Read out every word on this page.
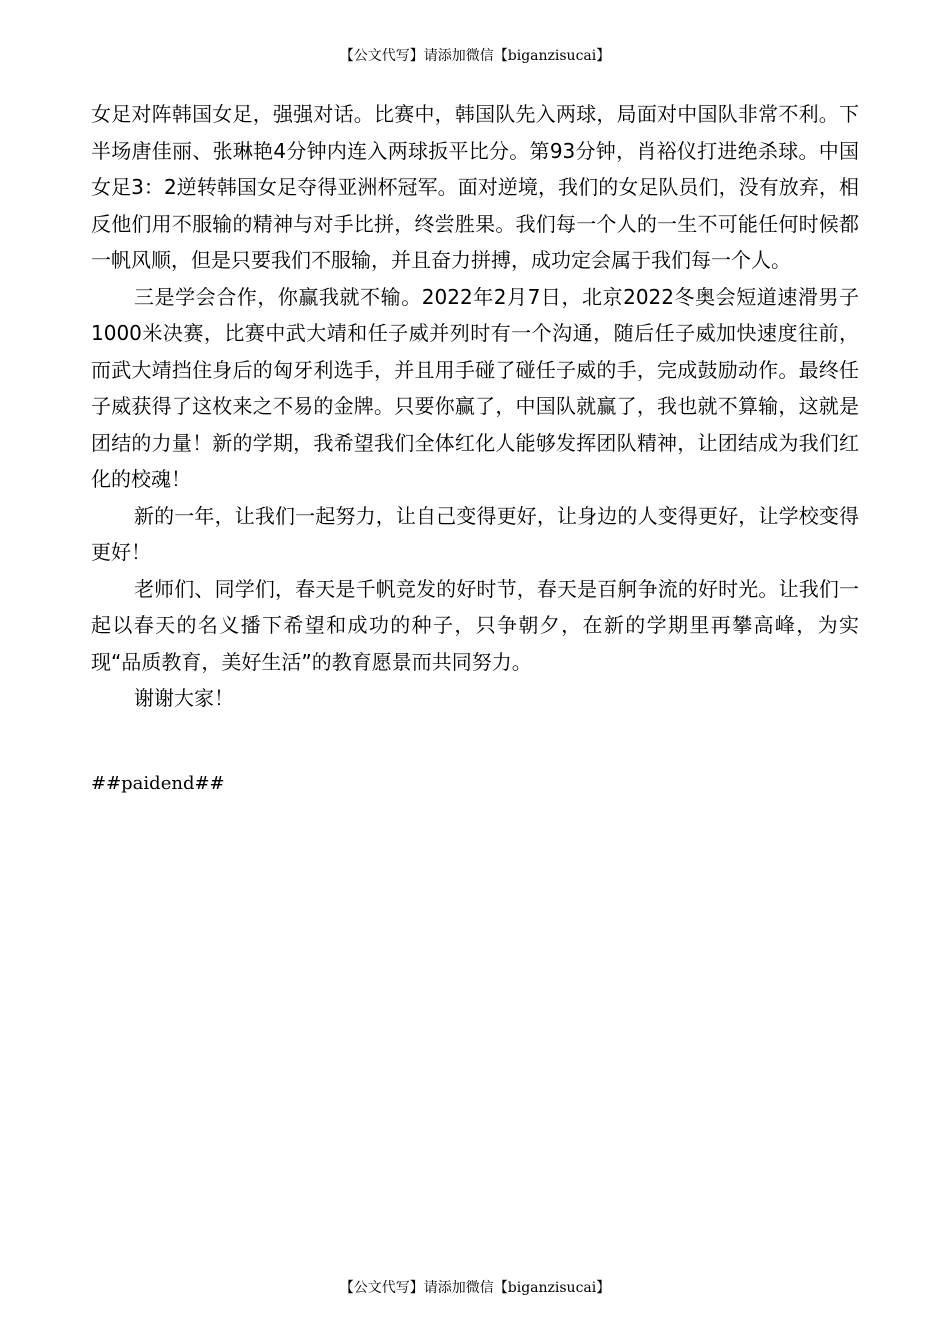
【公文代写】请添加微信【biganzisucai】

女足对阵韩国女足，强强对话。比赛中，韩国队先入两球，局面对中国队非常不利。下半场唐佳丽、张琳艳4分钟内连入两球扳平比分。第93分钟，肖裕仪打进绝杀球。中国女足3：2逆转韩国女足夺得亚洲杯冠军。面对逆境，我们的女足队员们，没有放弃，相反他们用不服输的精神与对手比拼，终尝胜果。我们每一个人的一生不可能任何时候都一帆风顺，但是只要我们不服输，并且奋力拼搏，成功定会属于我们每一个人。

三是学会合作，你赢我就不输。2022年2月7日，北京2022冬奥会短道速滑男子1000米决赛，比赛中武大靖和任子威并列时有一个沟通，随后任子威加快速度往前，而武大靖挡住身后的匈牙利选手，并且用手碰了碰任子威的手，完成鼓励动作。最终任子威获得了这枚来之不易的金牌。只要你赢了，中国队就赢了，我也就不算输，这就是团结的力量！新的学期，我希望我们全体红化人能够发挥团队精神，让团结成为我们红化的校魂！

新的一年，让我们一起努力，让自己变得更好，让身边的人变得更好，让学校变得更好！

老师们、同学们，春天是千帆竞发的好时节，春天是百舸争流的好时光。让我们一起以春天的名义播下希望和成功的种子，只争朝夕，在新的学期里再攀高峰，为实现“品质教育，美好生活”的教育愿景而共同努力。

谢谢大家！

##paidend##
【公文代写】请添加微信【biganzisucai】
